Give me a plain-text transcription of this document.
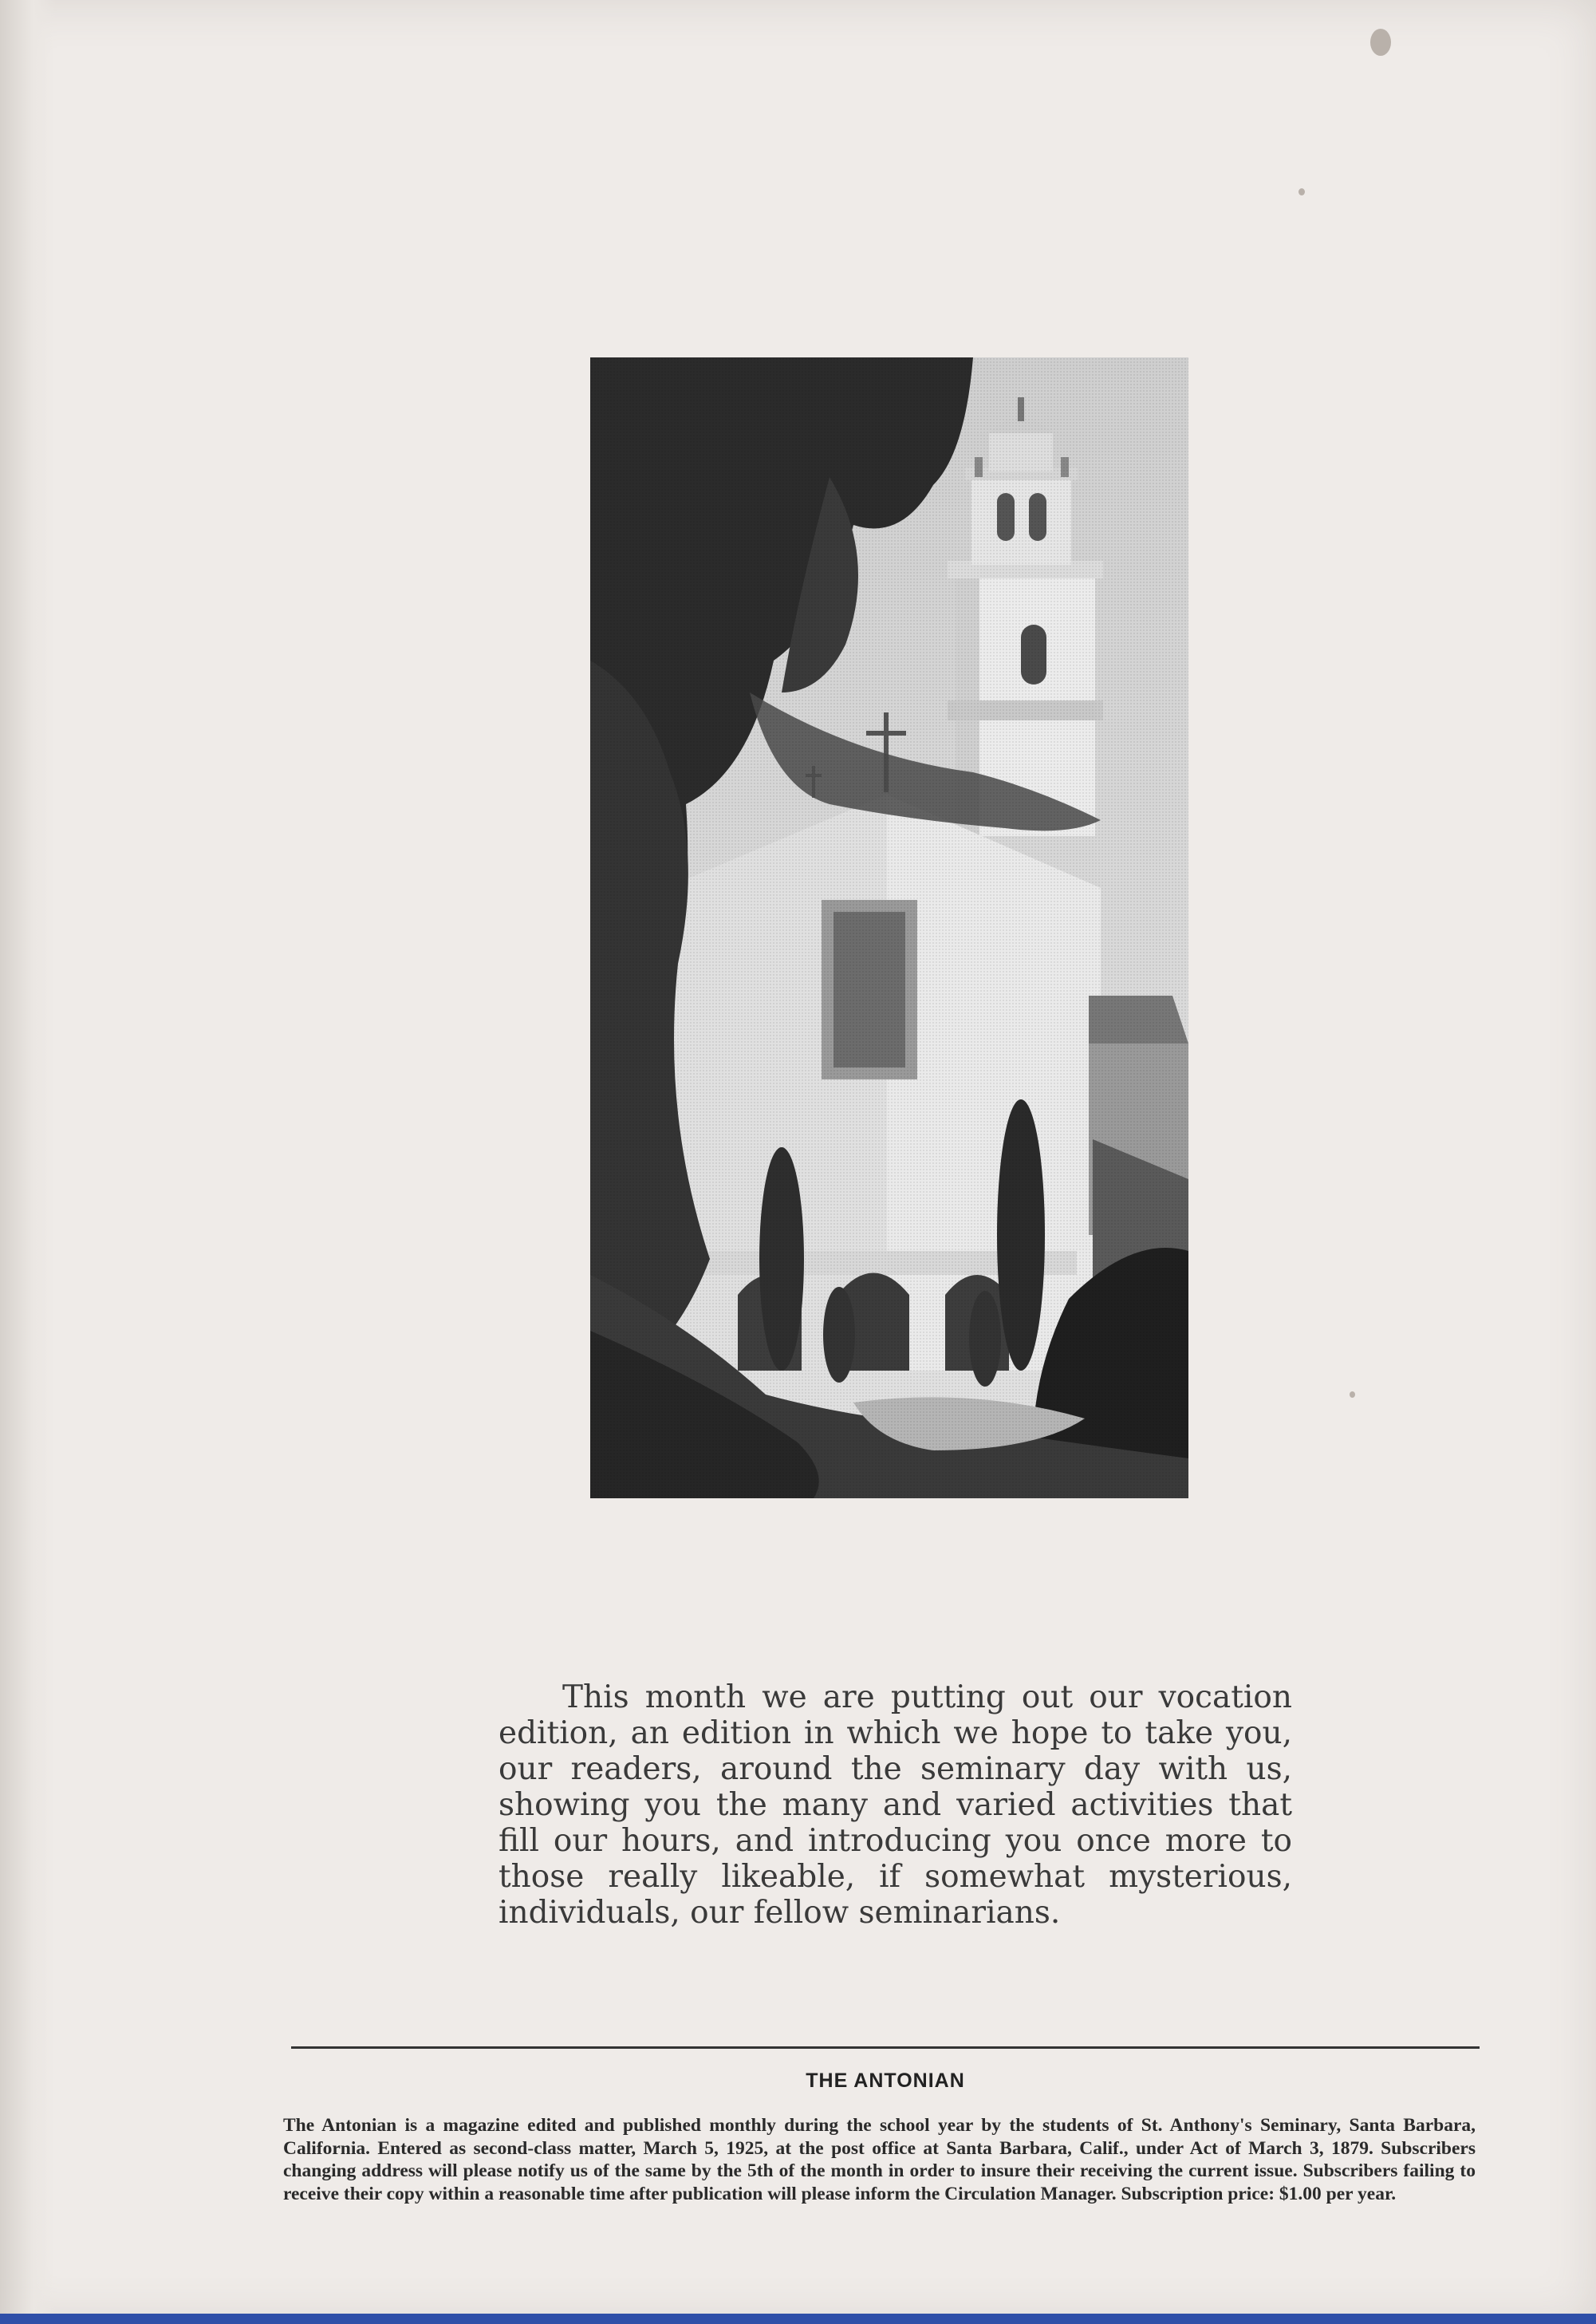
This month we are putting out our vocation edition, an edition in which we hope to take you, our readers, around the seminary day with us, showing you the many and varied activities that fill our hours, and introducing you once more to those really likeable, if somewhat mysterious, individuals, our fellow seminarians.

THE ANTONIAN

The Antonian is a magazine edited and published monthly during the school year by the students of St. Anthony's Seminary, Santa Barbara, California. Entered as second-class matter, March 5, 1925, at the post office at Santa Barbara, Calif., under Act of March 3, 1879. Subscribers changing address will please notify us of the same by the 5th of the month in order to insure their receiving the current issue. Subscribers failing to receive their copy within a reasonable time after publication will please inform the Circulation Manager. Subscription price: $1.00 per year.
